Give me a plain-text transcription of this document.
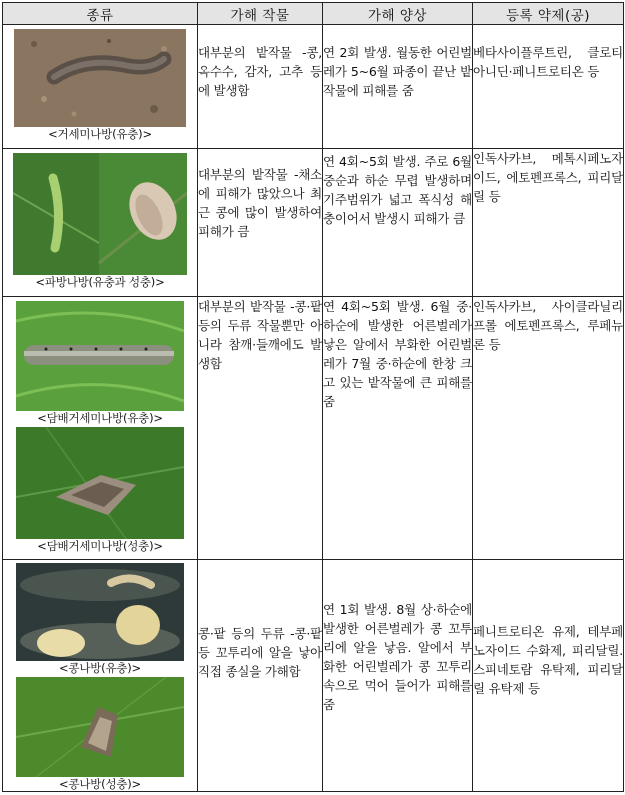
종류	가해 작물	가해 양상	등록 약제(공)

<거세미나방(유충)>	대부분의 밭작물 -콩, 옥수수, 감자, 고추 등에 발생함	연 2회 발생. 월동한 어린벌레가 5~6월 파종이 끝난 밭작물에 피해를 줌	베타사이플루트린, 클로티아니딘·페니트로티온 등

<파방나방(유충과 성충)>	대부분의 밭작물 -채소에 피해가 많았으나 최근 콩에 많이 발생하여 피해가 큼	연 4회~5회 발생. 주로 6월 중순과 하순 무렵 발생하며 기주범위가 넓고 폭식성 해충이어서 발생시 피해가 큼	인독사카브, 메톡시페노자이드, 에토펜프록스, 피리달릴 등

<담배거세미나방(유충)>
<담배거세미나방(성충)>	대부분의 밭작물 -콩·팥 등의 두류 작물뿐만 아니라 참깨·들깨에도 발생함	연 4회~5회 발생. 6월 중·하순에 발생한 어른벌레가 낳은 알에서 부화한 어린벌레가 7월 중·하순에 한창 크고 있는 밭작물에 큰 피해를 줌	인독사카브, 사이클라닐리프롤 에토펜프록스, 루페뉴론 등

<콩나방(유충)>
<콩나방(성충)>	콩·팥 등의 두류 -콩·팥 등 꼬투리에 알을 낳아 직접 종실을 가해함	연 1회 발생. 8월 상·하순에 발생한 어른벌레가 콩 꼬투리에 알을 낳음. 알에서 부화한 어린벌레가 콩 꼬투리 속으로 먹어 들어가 피해를 줌	페니트로티온 유제, 테부페노자이드 수화제, 피리달릴.스피네토람 유탁제, 피리달릴 유탁제 등
